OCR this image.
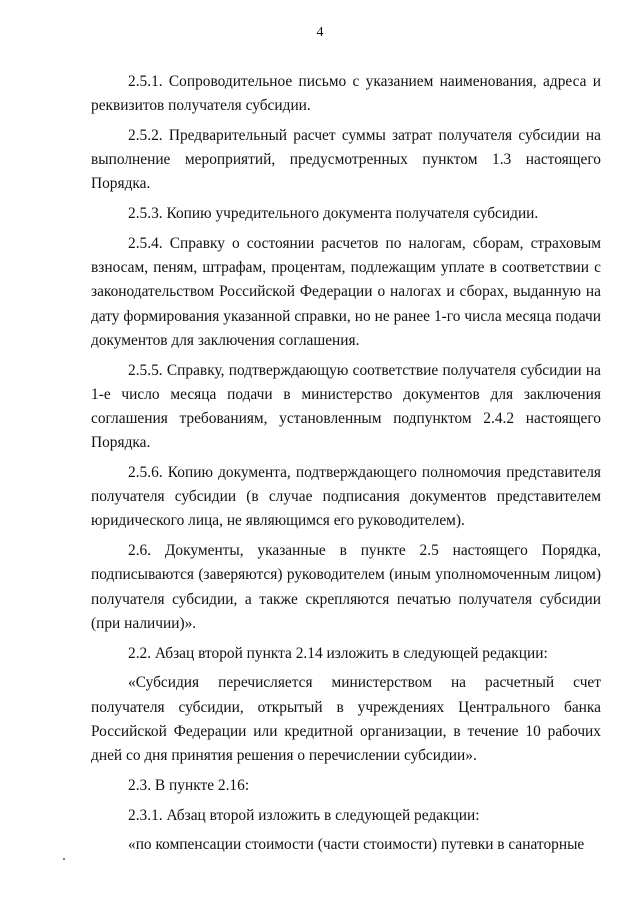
4

2.5.1. Сопроводительное письмо с указанием наименования, адреса и реквизитов получателя субсидии.

2.5.2. Предварительный расчет суммы затрат получателя субсидии на выполнение мероприятий, предусмотренных пунктом 1.3 настоящего Порядка.

2.5.3. Копию учредительного документа получателя субсидии.

2.5.4. Справку о состоянии расчетов по налогам, сборам, страховым взносам, пеням, штрафам, процентам, подлежащим уплате в соответствии с законодательством Российской Федерации о налогах и сборах, выданную на дату формирования указанной справки, но не ранее 1-го числа месяца подачи документов для заключения соглашения.

2.5.5. Справку, подтверждающую соответствие получателя субсидии на 1-е число месяца подачи в министерство документов для заключения соглашения требованиям, установленным подпунктом 2.4.2 настоящего Порядка.

2.5.6. Копию документа, подтверждающего полномочия представителя получателя субсидии (в случае подписания документов представителем юридического лица, не являющимся его руководителем).

2.6. Документы, указанные в пункте 2.5 настоящего Порядка, подписываются (заверяются) руководителем (иным уполномоченным лицом) получателя субсидии, а также скрепляются печатью получателя субсидии (при наличии)».

2.2. Абзац второй пункта 2.14 изложить в следующей редакции:

«Субсидия перечисляется министерством на расчетный счет получателя субсидии, открытый в учреждениях Центрального банка Российской Федерации или кредитной организации, в течение 10 рабочих дней со дня принятия решения о перечислении субсидии».

2.3. В пункте 2.16:

2.3.1. Абзац второй изложить в следующей редакции:

«по компенсации стоимости (части стоимости) путевки в санаторные
